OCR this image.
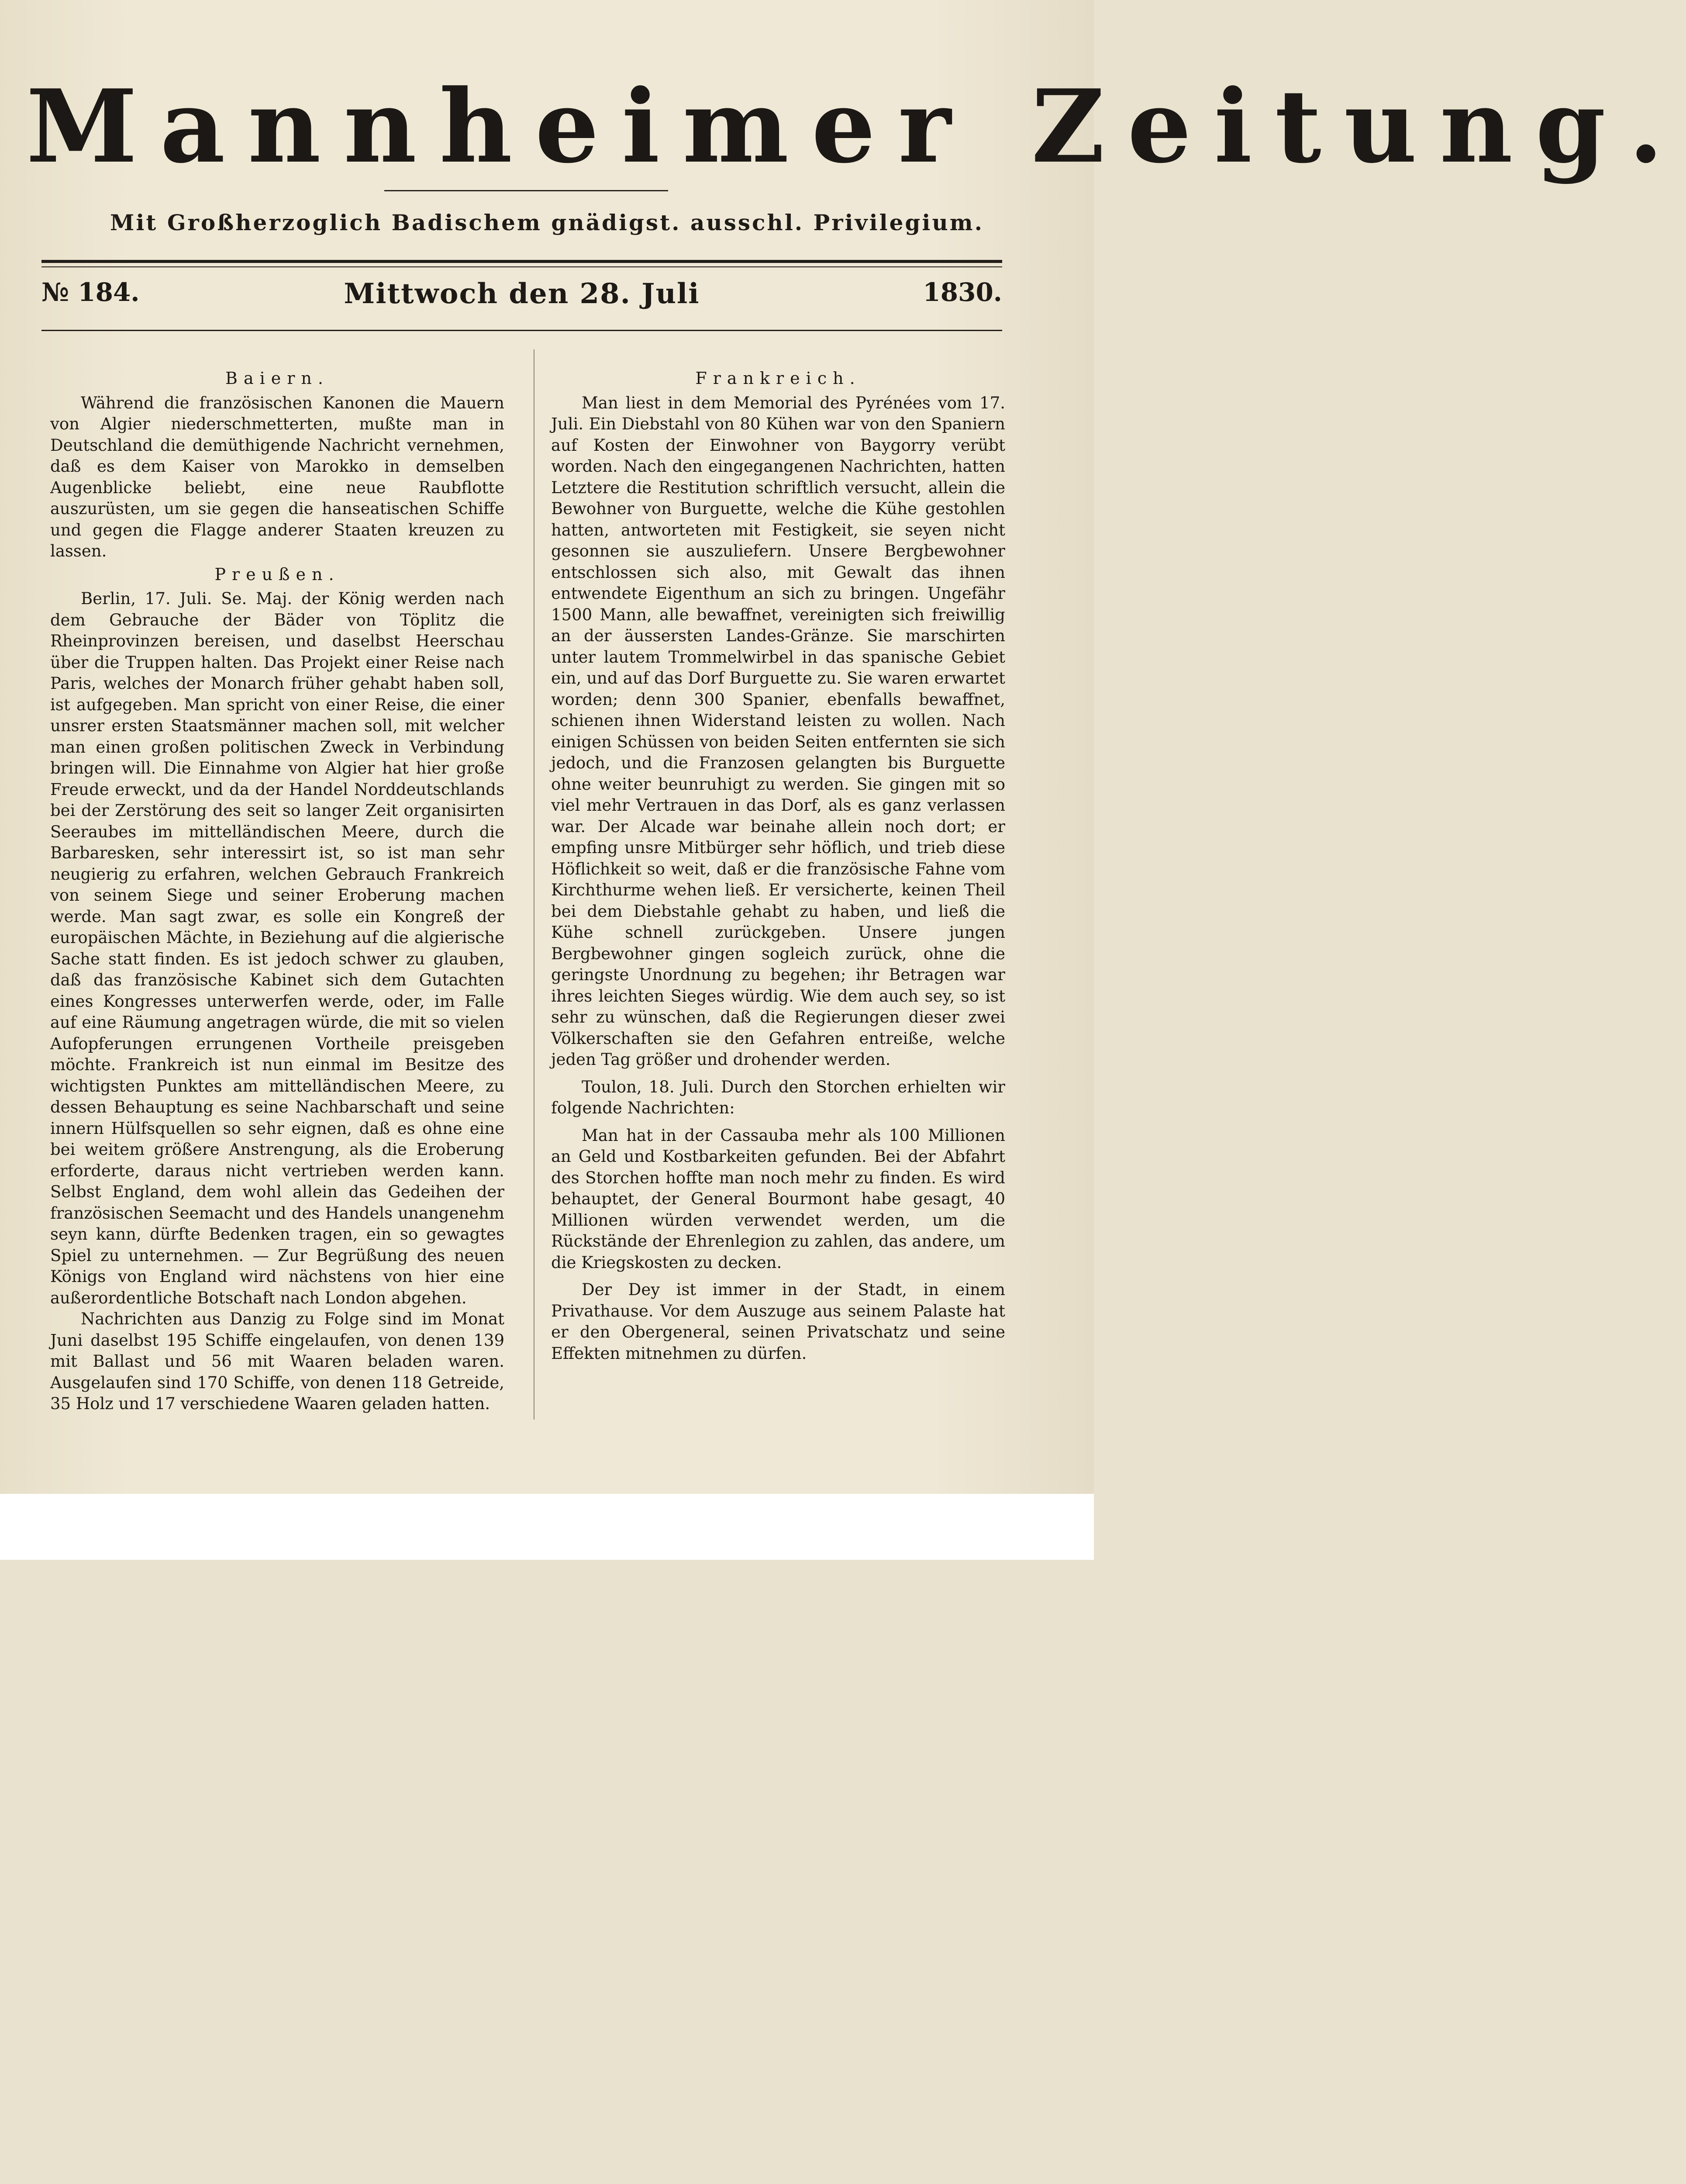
Mannheimer Zeitung.
Mit Großherzoglich Badischem gnädigst. ausschl. Privilegium.
Mittwoch den 28. Juli
№ 184.	1830.
Baiern.

Während die französischen Kanonen die Mauern von Algier niederschmetterten, mußte man in Deutschland die demüthigende Nachricht vernehmen, daß es dem Kaiser von Marokko in demselben Augenblicke beliebt, eine neue Raubflotte auszurüsten, um sie gegen die hanseatischen Schiffe und gegen die Flagge anderer Staaten kreuzen zu lassen.

Preußen.

Berlin, 17. Juli. Se. Maj. der König werden nach dem Gebrauche der Bäder von Töplitz die Rheinprovinzen bereisen, und daselbst Heerschau über die Truppen halten. Das Projekt einer Reise nach Paris, welches der Monarch früher gehabt haben soll, ist aufgegeben. Man spricht von einer Reise, die einer unsrer ersten Staatsmänner machen soll, mit welcher man einen großen politischen Zweck in Verbindung bringen will. Die Einnahme von Algier hat hier große Freude erweckt, und da der Handel Norddeutschlands bei der Zerstörung des seit so langer Zeit organisirten Seeraubes im mittelländischen Meere, durch die Barbaresken, sehr interessirt ist, so ist man sehr neugierig zu erfahren, welchen Gebrauch Frankreich von seinem Siege und seiner Eroberung machen werde. Man sagt zwar, es solle ein Kongreß der europäischen Mächte, in Beziehung auf die algierische Sache statt finden. Es ist jedoch schwer zu glauben, daß das französische Kabinet sich dem Gutachten eines Kongresses unterwerfen werde, oder, im Falle auf eine Räumung angetragen würde, die mit so vielen Aufopferungen errungenen Vortheile preisgeben möchte. Frankreich ist nun einmal im Besitze des wichtigsten Punktes am mittelländischen Meere, zu dessen Behauptung es seine Nachbarschaft und seine innern Hülfsquellen so sehr eignen, daß es ohne eine bei weitem größere Anstrengung, als die Eroberung erforderte, daraus nicht vertrieben werden kann. Selbst England, dem wohl allein das Gedeihen der französischen Seemacht und des Handels unangenehm seyn kann, dürfte Bedenken tragen, ein so gewagtes Spiel zu unternehmen. — Zur Begrüßung des neuen Königs von England wird nächstens von hier eine außerordentliche Botschaft nach London abgehen.

Nachrichten aus Danzig zu Folge sind im Monat Juni daselbst 195 Schiffe eingelaufen, von denen 139 mit Ballast und 56 mit Waaren beladen waren. Ausgelaufen sind 170 Schiffe, von denen 118 Getreide, 35 Holz und 17 verschiedene Waaren geladen hatten.

Frankreich.

Man liest in dem Memorial des Pyrénées vom 17. Juli. Ein Diebstahl von 80 Kühen war von den Spaniern auf Kosten der Einwohner von Baygorry verübt worden. Nach den eingegangenen Nachrichten, hatten Letztere die Restitution schriftlich versucht, allein die Bewohner von Burguette, welche die Kühe gestohlen hatten, antworteten mit Festigkeit, sie seyen nicht gesonnen sie auszuliefern. Unsere Bergbewohner entschlossen sich also, mit Gewalt das ihnen entwendete Eigenthum an sich zu bringen. Ungefähr 1500 Mann, alle bewaffnet, vereinigten sich freiwillig an der äussersten Landes-Gränze. Sie marschirten unter lautem Trommelwirbel in das spanische Gebiet ein, und auf das Dorf Burguette zu. Sie waren erwartet worden; denn 300 Spanier, ebenfalls bewaffnet, schienen ihnen Widerstand leisten zu wollen. Nach einigen Schüssen von beiden Seiten entfernten sie sich jedoch, und die Franzosen gelangten bis Burguette ohne weiter beunruhigt zu werden. Sie gingen mit so viel mehr Vertrauen in das Dorf, als es ganz verlassen war. Der Alcade war beinahe allein noch dort; er empfing unsre Mitbürger sehr höflich, und trieb diese Höflichkeit so weit, daß er die französische Fahne vom Kirchthurme wehen ließ. Er versicherte, keinen Theil bei dem Diebstahle gehabt zu haben, und ließ die Kühe schnell zurückgeben. Unsere jungen Bergbewohner gingen sogleich zurück, ohne die geringste Unordnung zu begehen; ihr Betragen war ihres leichten Sieges würdig. Wie dem auch sey, so ist sehr zu wünschen, daß die Regierungen dieser zwei Völkerschaften sie den Gefahren entreiße, welche jeden Tag größer und drohender werden.

Toulon, 18. Juli. Durch den Storchen erhielten wir folgende Nachrichten:

Man hat in der Cassauba mehr als 100 Millionen an Geld und Kostbarkeiten gefunden. Bei der Abfahrt des Storchen hoffte man noch mehr zu finden. Es wird behauptet, der General Bourmont habe gesagt, 40 Millionen würden verwendet werden, um die Rückstände der Ehrenlegion zu zahlen, das andere, um die Kriegskosten zu decken.

Der Dey ist immer in der Stadt, in einem Privathause. Vor dem Auszuge aus seinem Palaste hat er den Obergeneral, seinen Privatschatz und seine Effekten mitnehmen zu dürfen.
